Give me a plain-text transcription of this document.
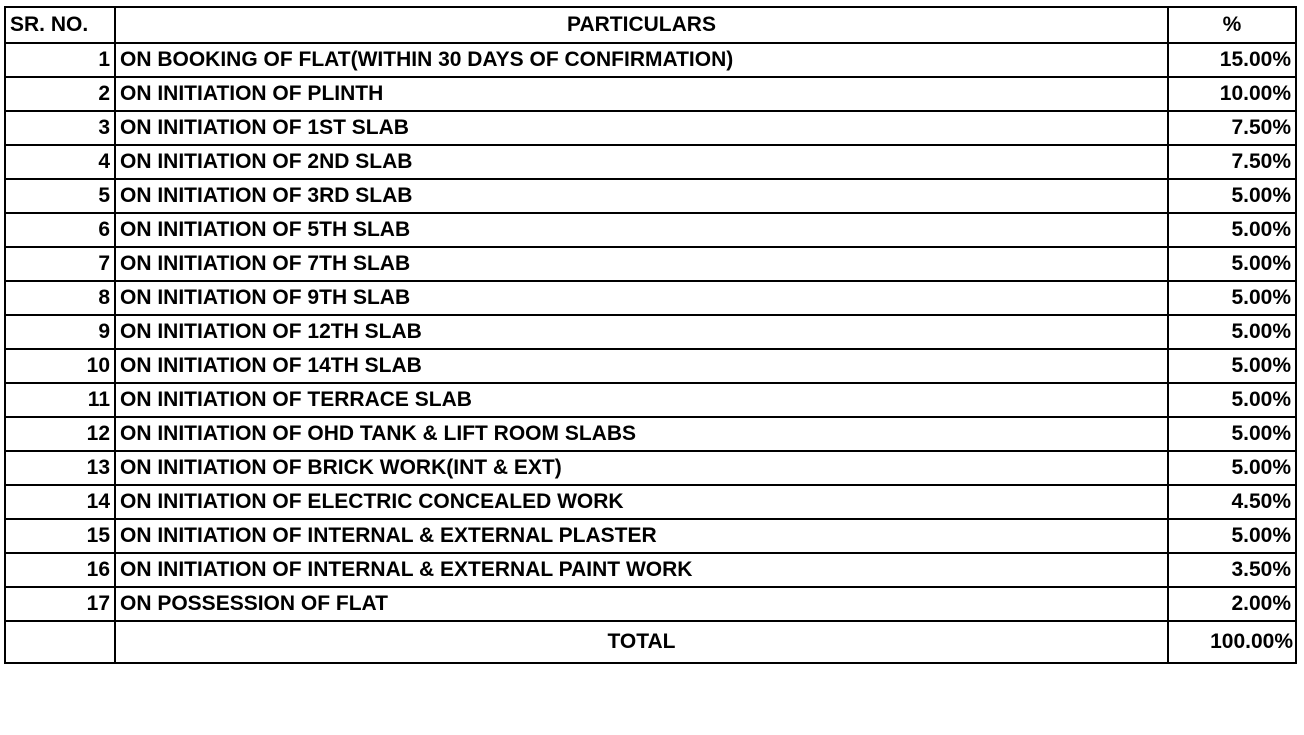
SR. NO.	PARTICULARS	%
1	ON BOOKING OF FLAT(WITHIN 30 DAYS OF CONFIRMATION)	15.00%
2	ON INITIATION OF PLINTH	10.00%
3	ON INITIATION OF 1ST SLAB	7.50%
4	ON INITIATION OF 2ND SLAB	7.50%
5	ON INITIATION OF 3RD SLAB	5.00%
6	ON INITIATION OF 5TH SLAB	5.00%
7	ON INITIATION OF 7TH SLAB	5.00%
8	ON INITIATION OF 9TH SLAB	5.00%
9	ON INITIATION OF 12TH SLAB	5.00%
10	ON INITIATION OF 14TH SLAB	5.00%
11	ON INITIATION OF TERRACE SLAB	5.00%
12	ON INITIATION OF OHD TANK & LIFT ROOM SLABS	5.00%
13	ON INITIATION OF BRICK WORK(INT & EXT)	5.00%
14	ON INITIATION OF ELECTRIC CONCEALED WORK	4.50%
15	ON INITIATION OF INTERNAL & EXTERNAL PLASTER	5.00%
16	ON INITIATION OF INTERNAL & EXTERNAL PAINT WORK	3.50%
17	ON POSSESSION OF FLAT	2.00%
	TOTAL	100.00%
